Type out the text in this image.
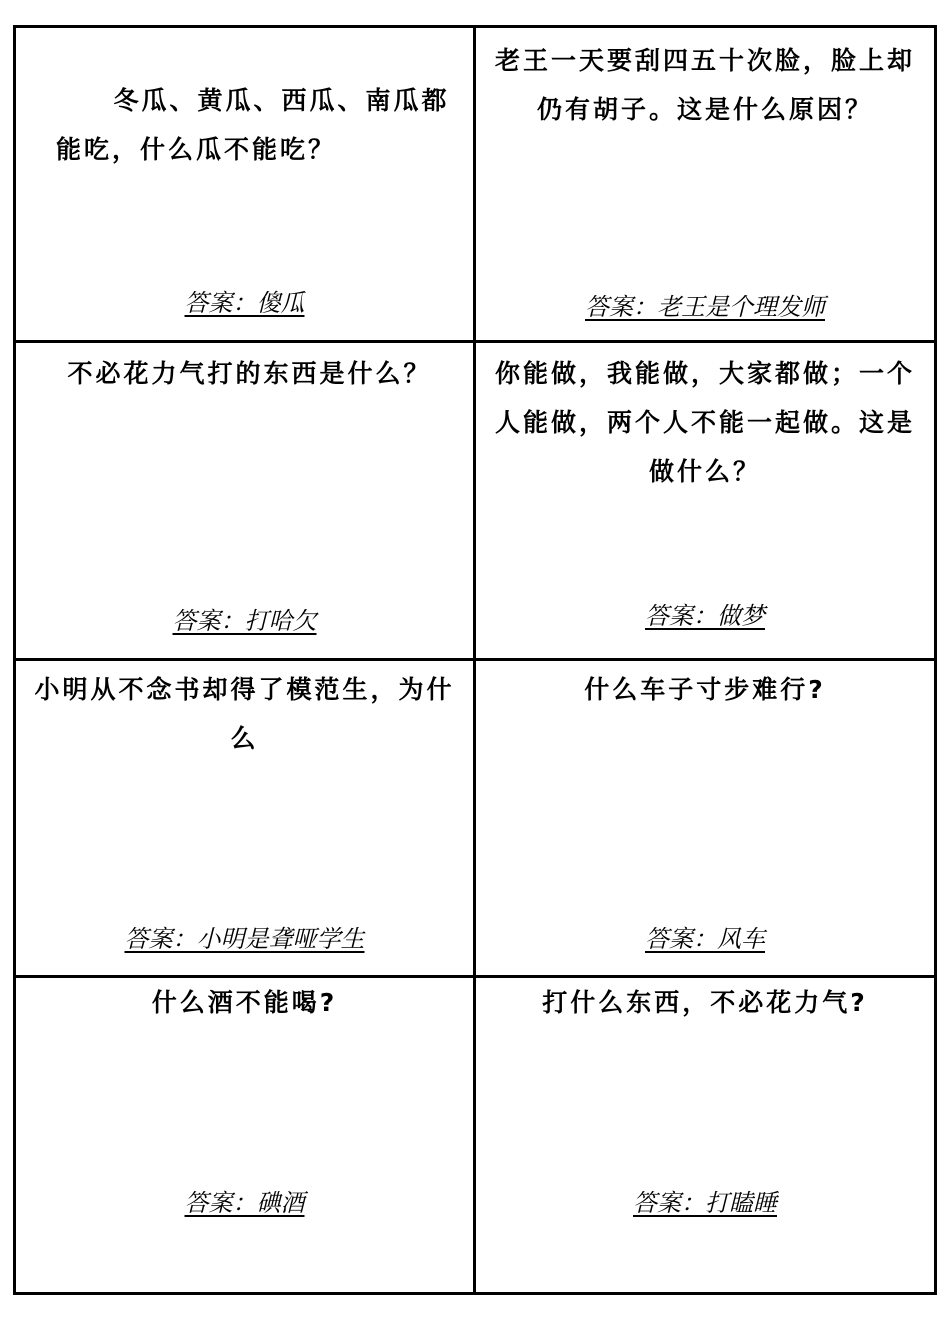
冬瓜、黄瓜、西瓜、南瓜都能吃，什么瓜不能吃？

答案：傻瓜

老王一天要刮四五十次脸，脸上却仍有胡子。这是什么原因？

答案：老王是个理发师

不必花力气打的东西是什么？

答案：打哈欠

你能做，我能做，大家都做；一个人能做，两个人不能一起做。这是做什么？

答案：做梦

小明从不念书却得了模范生，为什么

答案：小明是聋哑学生

什么车子寸步难行?

答案：风车

什么酒不能喝?

答案：碘酒

打什么东西，不必花力气?

答案：打瞌睡
